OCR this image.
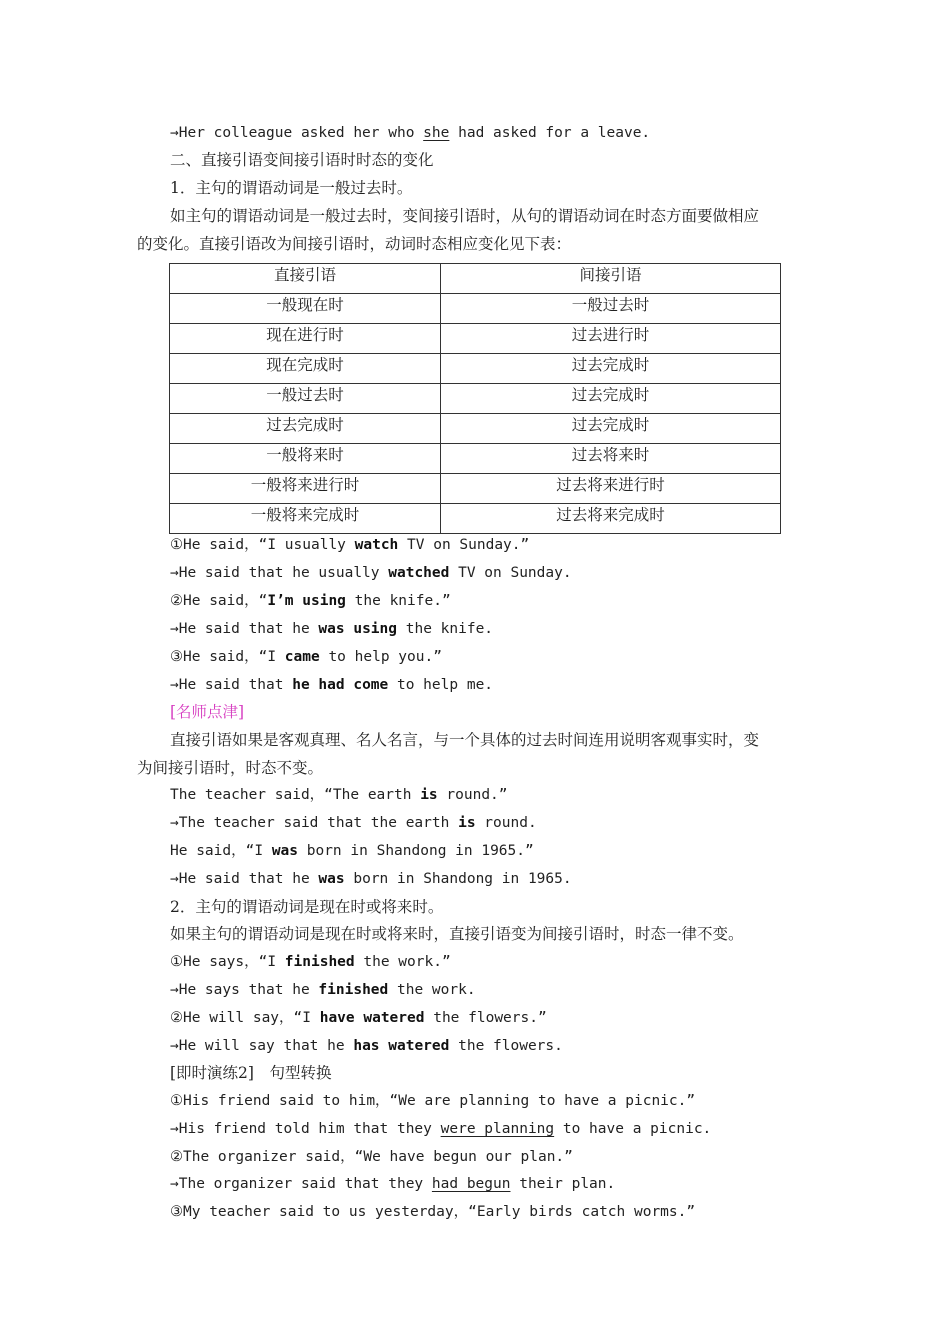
→Her colleague asked her who she had asked for a leave.
二、直接引语变间接引语时时态的变化
1．主句的谓语动词是一般过去时。
如主句的谓语动词是一般过去时，变间接引语时，从句的谓语动词在时态方面要做相应
的变化。直接引语改为间接引语时，动词时态相应变化见下表：
直接引语	间接引语
一般现在时	一般过去时
现在进行时	过去进行时
现在完成时	过去完成时
一般过去时	过去完成时
过去完成时	过去完成时
一般将来时	过去将来时
一般将来进行时	过去将来进行时
一般将来完成时	过去将来完成时
①He said，“I usually watch TV on Sunday.”
→He said that he usually watched TV on Sunday.
②He said，“I’m using the knife.”
→He said that he was using the knife.
③He said，“I came to help you.”
→He said that he had come to help me.
[名师点津]
直接引语如果是客观真理、名人名言，与一个具体的过去时间连用说明客观事实时，变
为间接引语时，时态不变。
The teacher said，“The earth is round.”
→The teacher said that the earth is round.
He said，“I was born in Shandong in 1965.”
→He said that he was born in Shandong in 1965.
2．主句的谓语动词是现在时或将来时。
如果主句的谓语动词是现在时或将来时，直接引语变为间接引语时，时态一律不变。
①He says，“I finished the work.”
→He says that he finished the work.
②He will say，“I have watered the flowers.”
→He will say that he has watered the flowers.
[即时演练2]　句型转换
①His friend said to him，“We are planning to have a picnic.”
→His friend told him that they were planning to have a picnic.
②The organizer said，“We have begun our plan.”
→The organizer said that they had begun their plan.
③My teacher said to us yesterday，“Early birds catch worms.”
